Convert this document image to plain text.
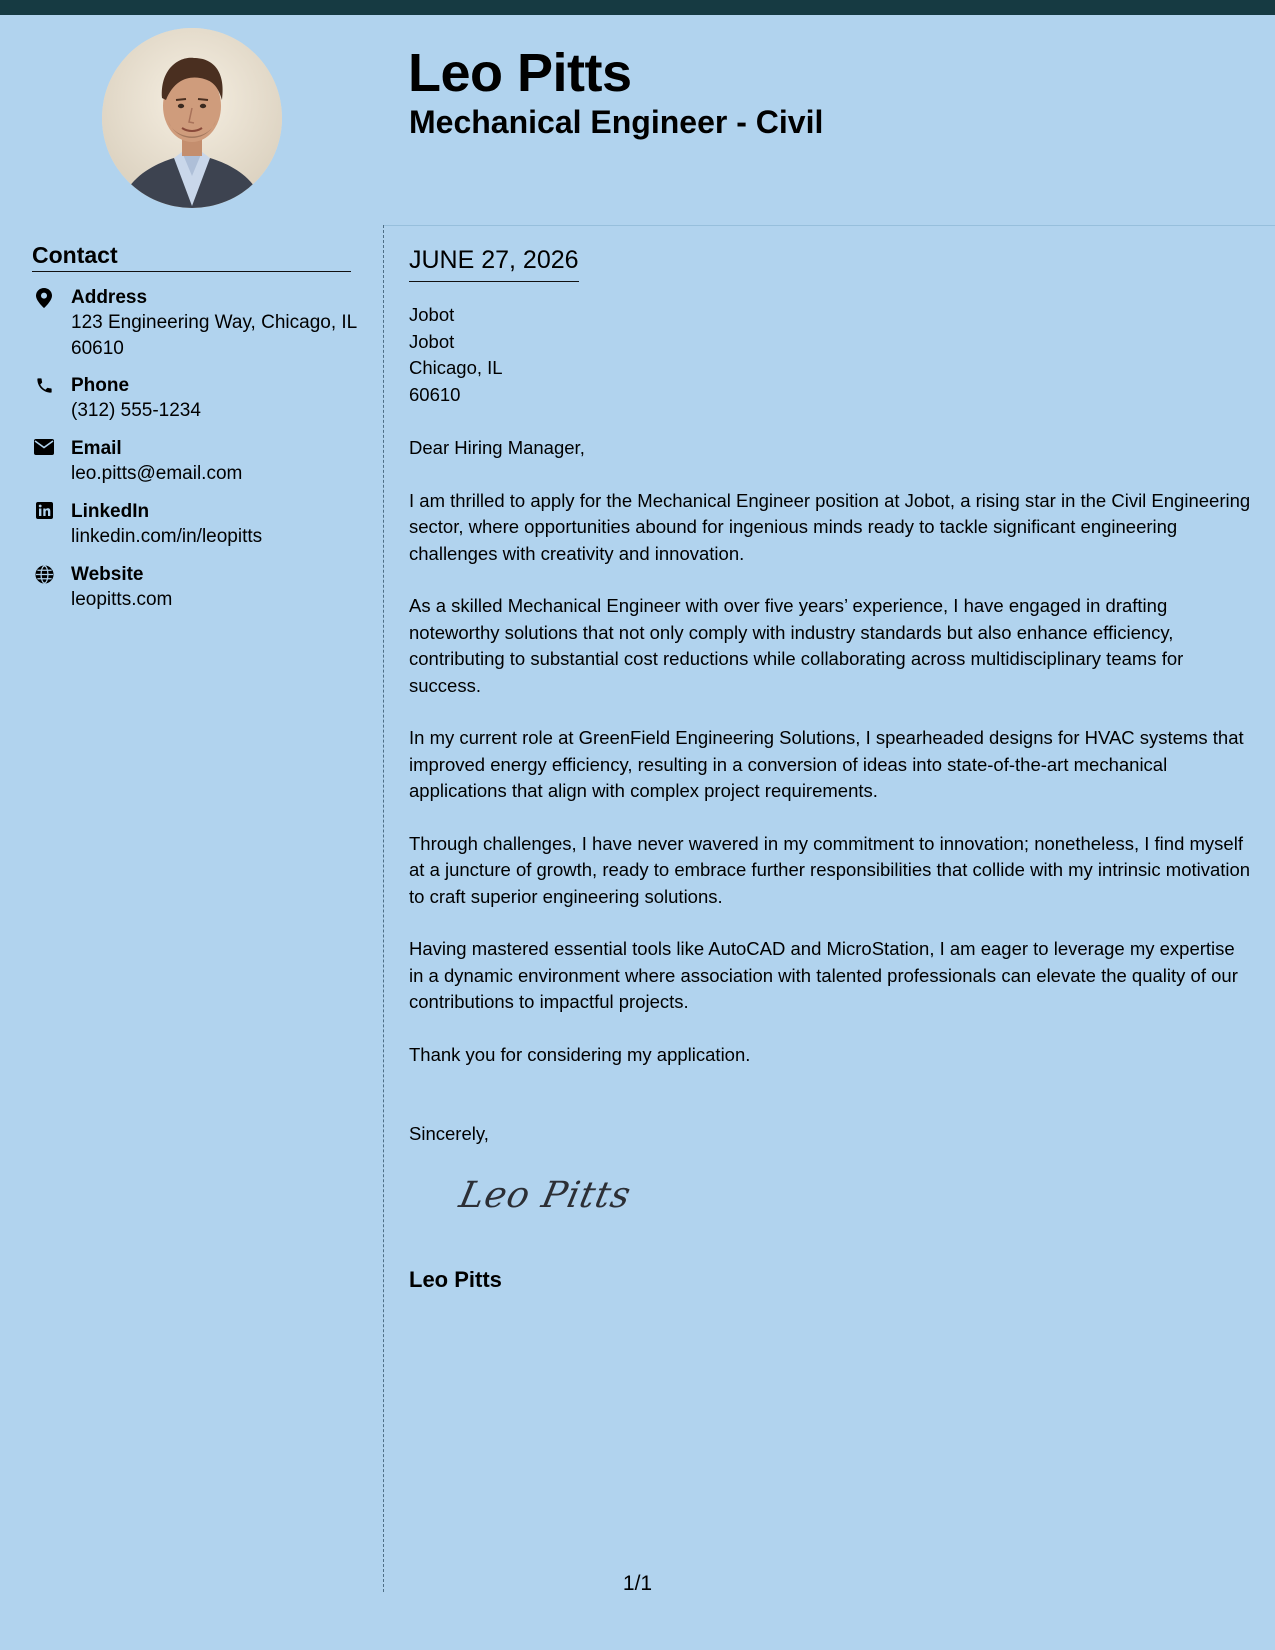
Leo Pitts
Mechanical Engineer - Civil
Contact
Address
123 Engineering Way, Chicago, IL 60610
Phone
(312) 555-1234
Email
leo.pitts@email.com
LinkedIn
linkedin.com/in/leopitts
Website
leopitts.com
JUNE 27, 2026
Jobot
Jobot
Chicago, IL
60610

Dear Hiring Manager,

I am thrilled to apply for the Mechanical Engineer position at Jobot, a rising star in the Civil Engineering sector, where opportunities abound for ingenious minds ready to tackle significant engineering challenges with creativity and innovation.

As a skilled Mechanical Engineer with over five years’ experience, I have engaged in drafting noteworthy solutions that not only comply with industry standards but also enhance efficiency, contributing to substantial cost reductions while collaborating across multidisciplinary teams for success.

In my current role at GreenField Engineering Solutions, I spearheaded designs for HVAC systems that improved energy efficiency, resulting in a conversion of ideas into state-of-the-art mechanical applications that align with complex project requirements.

Through challenges, I have never wavered in my commitment to innovation; nonetheless, I find myself at a juncture of growth, ready to embrace further responsibilities that collide with my intrinsic motivation to craft superior engineering solutions.

Having mastered essential tools like AutoCAD and MicroStation, I am eager to leverage my expertise in a dynamic environment where association with talented professionals can elevate the quality of our contributions to impactful projects.

Thank you for considering my application.

Sincerely,

Leo Pitts

Leo Pitts

1/1
